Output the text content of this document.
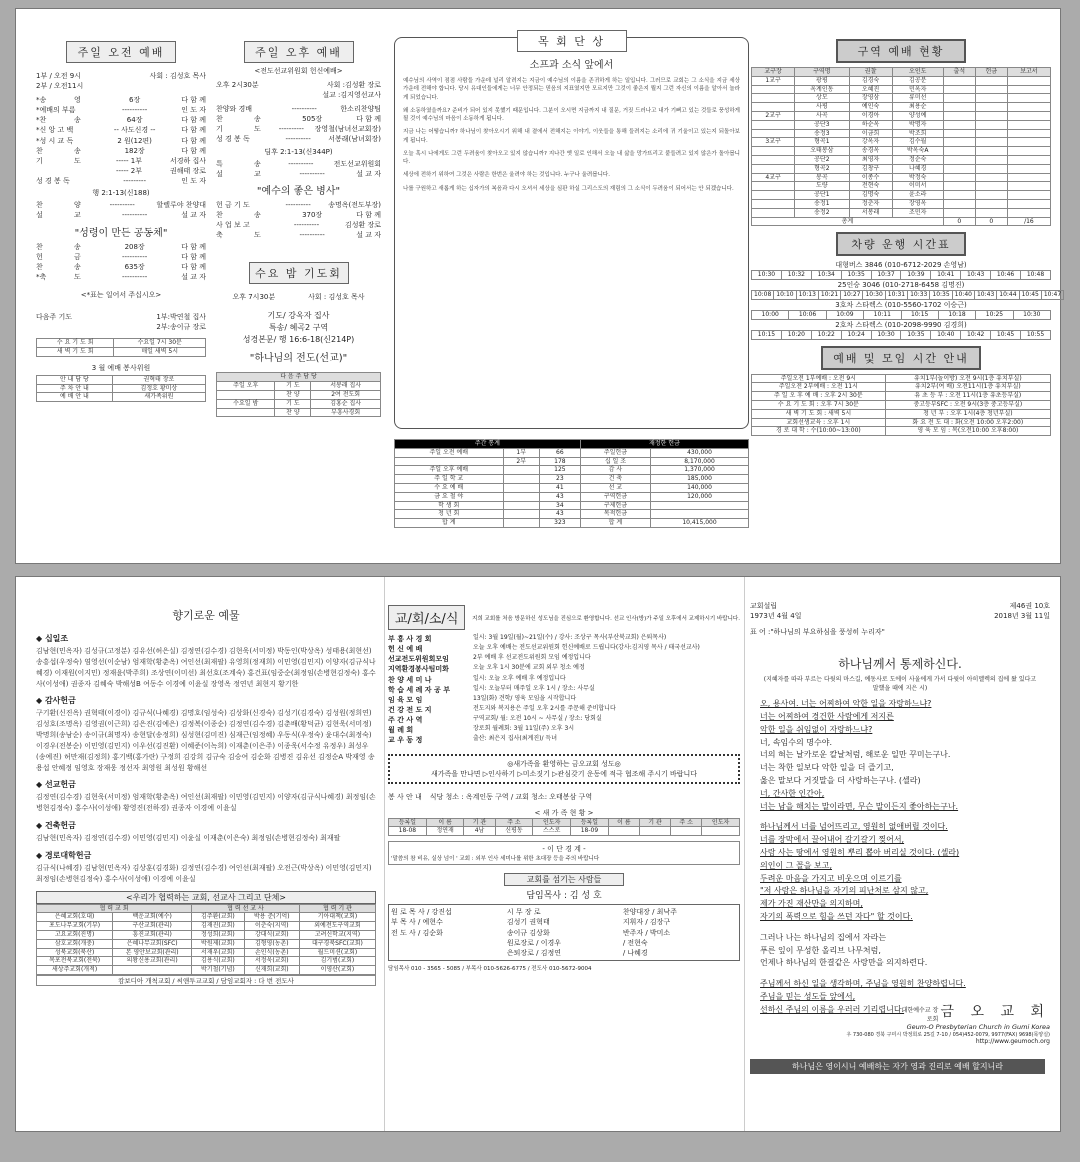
주일 오전 예배
1부 / 오전 9시
2부 / 오전11시
사회 : 김성호 목사
*송	영	6장	다 함 께
*예배의 부름	----------	인 도 자
*찬	송	64장	다 함 께
*신 앙 고 백	-- 사도신경 --	다 함 께
*성 시 교 독	2 원(12편)	다 함 께
찬	송	182장	다 함 께
기	도	----- 1부	서경하 집사
----- 2부	권해태 장로
성 경 봉 독	---------	인 도 자
행 2:1-13(신188)
찬	양	----------	할렐루야 찬양대
설	교	----------	설 교 자
"성령이 만든 공동체"
찬	송	208장	다 함 께
헌	금	----------	다 함 께
찬	송	635장	다 함 께
*축	도	----------	설 교 자
<*표는 일어서 주십시오>
다음주 기도	1부:박연철 집사
2부:송이규 장로
수 요 기 도 회	수요일 7시 30분
새 벽 기 도 회	매일 새벽 5시
3 월 예배 봉사위원
안 내 담 당	권혁태 장로
주 차 안 내	김정호 황미상
예 배 안 내	새가족위원
주일 오후 예배
<전도선교위원회 헌신예배>
오후 2시30분	사회 :김성환 장로
설교 :김지영선교사
찬양와 경배	----------	한소리찬양팀
찬	송	505장	다 함 께
기	도	----------	장영철(남녀선교회장)
성 경 봉 독	----------	서봉래(남녀회장)
딤후 2:1-13(신344P)
특	송	----------	전도선교위원회
설	교	----------	설 교 자
"예수의 좋은 병사"
헌 금 기 도	----------	송명옥(전도부장)
찬	송	370장	다 함 께
사 업 보 고	----------	김성환 장로
축	도	----------	설 교 자
수요 밤 기도회
오후 7시30분	사회 : 김성호 목사
기도/ 강옥자 집사
특송/ 혜곡2 구역
성경본문/ 행 16:6-18(신214P)
"하나님의 전도(선교)"
다 음 주 담 당		
주일 오후	기 도	서봉래 집사
	찬 양	2여 전도회
수요일 밤	기 도	김홍순 집사
	찬 양	부흥사경회
목 회 단 상
소프과 소식 앞에서

예수님의 사역이 점점 사람들 가운데 널리 알려지는 지금이 예수님의 이름을 존귀하게 하는 일입니다. 그러므로 교회는 그 소식을 지금 세상 가운데 전해야 합니다. 당시 유대인들에게는 너무 안정되는 믿음의 지표였지만 모르지만 그것이 좋은지 뭘지 그런 자신의 이름을 알아서 놀라게 되었습니다.

왜 소동하였을까요? 준비가 되어 있지 못했기 때문입니다. 그분이 오시면 지금까지 내 질문, 거짓 드러나고 내가 기뻐고 있는 것들로 풍성하게 될 것이 예수님의 마음이 소동하게 됩니다.

지금 나는 어떻습니까? 하나님이 찾아오시기 위해 내 곁에서 전해지는 이야기, 이웃들을 통해 들려지는 소리에 귀 기울이고 있는지 되돌아보게 됩니다.

오늘 혹시 나에게도 그런 두려움이 찾아오고 있지 않습니까? 지나간 옛 일로 인해서 오늘 내 삶을 망가뜨리고 붙들려고 있지 않은가 돌아봅니다.

세상에 전하기 위하여 그것은 사람은 한번은 울려야 하는 것입니다. 누구나 울려봅니다.

나를 구원하고 새롭게 하는 십자가의 복음과 다시 오셔서 세상을 심판 하실 그리스도의 재림의 그 소식이 두려움이 되어서는 안 되겠습니다.

주간 통계			재정한 헌금	
주일 오전 예배	1부	66	주일헌금	430,000
	2부	178	십 일 조	8,170,000
주일 오후 예배		125	감 사	1,370,000
주 일 학 교		23	건 축	185,000
수 요 예 배		41	선 교	140,000
금 요 철 야		43	구역헌금	120,000
학 생 회		34	구제헌금	
청 년 회		43	목적헌금	
합 계		323	합 계	10,415,000
구역 예배 현황
교구장	구역명	권찰	오인도	출석	헌금	보고서
1교구	광평	김경숙	김공분			
	옥계인동	오혜진	민옥자			
	상모	장영삼	류미선			
	사평	예인숙	최용순			
2교구	사곡	이경아	양성예			
	공단3	하순옥	박명자			
	송정3	이금희	박조희			
3교구	형곡1	강옥자	김수월			
	오태봉삼	송경옥	박옥숙A			
	공단2	최영자	정순숙			
	형곡2	김창구	나혜경			
4교구	봉곡	이종수	박정숙			
	도량	전현숙	이미서			
	공단1	김명숙	윤소라			
	송정1	정춘자	장영옥			
	송정2	서봉래	조민자			
총계				0	0	/16
차량 운행 시간표
대형버스 3846 (010-6712-2029 손영남)
10:30	10:32	10:34	10:35	10:37	10:39	10:41	10:43	10:46	10:48
25인승 3046 (010-2718-6458 김명진)
10:08	10:10	10:13	10:21	10:27	10:30	10:31	10:33	10:35	10:40	10:43	10:44	10:45	10:47
3호차 스타렉스 (010-5560-1702 이승근)
10:00	10:06	10:09	10:11	10:15	10:18	10:25	10:30
2호차 스타렉스 (010-2098-9990 김경희)
10:15	10:20	10:22	10:24	10:30	10:35	10:40	10:42	10:45	10:55
예배 및 모임 시간 안내
주일오전 1부예배 : 오전 9시	유치1부(놀이방) 오전 9시(1층 유치부실)
주일오전 2부예배 : 오전 11시	유치2부(여 배) 오전11시(1층 유치부실)
주 일 오 후 예 배 : 오후 2시 30분	유 초 등 부 : 오전 11시(1층 유초등부실)
수 요 기 도 회 : 오후 7시 30분	중고등부SFC : 오전 9시(3층 중고등부실)
새 벽 기 도 회 : 새벽 5시	청 년 부 : 오후 1시(4층 청년부실)
교회선생교육 : 오후 1시	화 요 전 도 대 : 화(오전 10:00 오후2:00)
경 로 대 학 : 수(10:00~13:00)	영 육 모 임 : 목(오전10:00 오후8:00)
향기로운 예물
◆ 십일조
김남현(민옥자) 김성규(고정분) 김유선(허은실) 김정연(김수경) 김현욱(서미정) 박동인(박상옥) 성태용(최현선) 송흥섭(우정숙) 염영선(이순남) 엄재학(황춘옥) 여인선(최재팔) 유영희(정재희) 이민영(김민지) 이양자(김규식나혜경) 이재원(이지민) 정재윤(박주희) 조상연(이미선) 최선호(조계숙) 홍건표(임중순(최정임(손병현김정숙) 홍수사(이성애) 권종자 김혜숙 박해성B 여동수 이경예 이윤실 장영옥 정연년 최현지 황기한
◆ 감사헌금
구기환(신진옥) 권혁태(이경이) 김규식(나혜경) 김명호(임성숙) 김상화(신경숙) 김성기(김경숙) 김성원(정희연) 김성호(조명옥) 김영권(이근희) 김은진(김예은) 김정복(이종순) 김정연(김수경) 김춘배(황덕균) 김현욱(서미정) 박명희(송남순) 송이규(최명자) 송현달(송정희) 심성현(김미진) 심재근(임정혜) 우동식(우정숙) 윤대수(최정숙) 이경우(전봉순) 이민영(김민지) 이우선(김진환) 이혜준(이녹희) 이재춘(이은주) 이종욱(서수정 유정우) 최성우(송예진) 허만재(김정희) 홍기백(홍가란) 구정희 김강희 김규숙 김승여 김순화 김병진 김유선 김정순A 박재영 송용섭 안혜정 임영호 장재웅 정선자 최영원 최성원 황해선
◆ 선교헌금
김정연(김수경) 김현욱(서미정) 엄재학(황춘옥) 여인선(최재팔) 이민영(김민지) 이양자(김규식나혜경) 최정임(손병현김정숙) 홍수사(이성애) 황영진(전하경) 권종자 이경예 이윤실
◆ 건축헌금
김남현(민옥자) 김정연(김수경) 이민영(김민지) 이윤실 이재춘(이은숙) 최정임(손병현김정숙) 최재팔
◆ 경로대학헌금
김규식(나혜경) 김남현(민옥자) 김상훈(김경화) 김정연(김수경) 여인선(최재팔) 오전근(박상옥) 이민영(김민지) 최정임(손병현김정숙) 홍수사(이성애) 이경예 이윤실
<우리가 협력하는 교회, 선교사 그리고 단체>
협 력 교 회		협 력 선 교 사		협 력 기 관
은혜교회(호대)	백운교회(예수)	김주환(교회)	박용 준(기억)	기아대책(교회)
포도나무교회(기부)	구산교회(관리)	김재진(교회)	이춘숙(지역)	외예전도구역교회
고요교회(진명)	흥진교회(관리)	정성희(교회)	강대식(교회)	고려신학교(지역)
삼호교회(개중)	은혜나무교회(SFC)	박원제(교회)	김형영(농촌)	대구경북SFC(교회)
성북교회(북산)	본 영안보교회(관리)	서재우(교회)	손인식(농촌)	월드미션(교회)
목포전북교회(전북)	의왕신용교회(관리)	김용식(교회)	서정욱(교회)	김기범(교회)
새상주교회(개적)		박기철(기념)	신재희(교회)	이영산(교회)
캄보디아 개척교회 / 씨앤투교교회 / 담임교회자 : 다 번 전도사
교/회/소/식	지희 교회를 처음 방문하신 성도님을 진심으로 환영합니다. 선교 인사(방)가 주일 오후에서 교제하시기 바랍니다.
부 흥 사 경 회	일시: 3월 19일(월)~21일(수) / 강사: 조상구 목사(부산북교회) 은퇴목사)
헌 신 예 배	오늘 오후 예배는 전도선교위원회 헌신예배로 드립니다(강사:김지영 목사 / 태국선교사)
선교전도위원회모임	2부 예배 후 선교전도위원회 모임 예정입니다
지역환경봉사팀미화	오늘 오후 1시 30분에 교회 외부 청소 예정
찬 양 세 미 나	일시: 오늘 오후 예배 후 예정입니다
학 습 세 례 자 공 부	일시: 오늘부터 매주일 오후 1시 / 장소: 사무실
임 육 모 임	13일(화) 견학/ 영육 모임을 시작합니다
건 강 전 도 지	전도지와 복지용은 주일 오후 2시를 주문해 준비합니다
주 간 사 역	구역교회/ 월: 오전 10시 ~ 사무실 / 장소: 당회실
월 례 회	장로회 월례회: 3월 11일(주) 오후 3시
교 우 동 정	출산: 최은지 집사(최계진)/ 득녀
◎새가족을 환영하는 금오교회 성도◎
새가족을 만나면 ▷인사하기 ▷미소짓기 ▷관심갖기 운동에 적극 협조해 주시기 바랍니다
봉 사 안 내 식당 청소 : 옥계인동 구역 / 교회 청소: 오태봉삼 구역
< 새 가 족 현 황 >
등록일	이 름	기 관	주 소	인도자	등록일	이 름	기 관	주 소	인도자
18-08	정연재	4남	신평동	스스로	18-09				
- 이 단 경 계 -
'말씀의 참 비유, 실상 넘이 ' 교회 : 외부 인사 세미나를 위한 초대장 등을 주의 바랍니다
교회를 섬기는 사람들
담임목사 : 김 성 호
원 로 목 사 / 강진섭	시 무 장 로	찬양대장 / 최낙주
부 목 사 / 예현수	김성기 권혁태	지휘자 / 김장구
전 도 사 / 김순화	송이규 김상화	반주자 / 박미소
원로장로 / 이경우	/ 전현숙
은퇴장로 / 김정연	/ 나혜경
담임목사 010 - 3565 - 5085 / 부목사 010-5626-6775 / 전도사 010-5672-9004
교회설립	제46권 10호
1973년 4월 4일	2018년 3월 11일
표 어 :"하나님의 부요하심을 풍성히 누리자"
하나님께서 통제하신다.
(지혜자를 따라 부르는 다윗의 마스길, 예동사로 도에이 사울에게 가서 다윗이 아히멜렉의 집에 왔 있다고 말했을 때에 지은 시)
오, 용사여. 너는 어찌하여 악한 일을 자랑하느냐?
너는 어찌하여 경건한 사람에게 저지른
악한 일을 쉬임없이 자랑하느냐?
너, 속임수의 명수야.
너의 혀는 날카로운 칼날처럼, 해로운 일만 꾸미는구나.
너는 착한 일보다 악한 일을 더 즐기고,
옳은 말보다 거짓말을 더 사랑하는구나. (셀라)
너, 간사한 인간아,
너는 남을 해치는 말이라면, 무슨 말이든지 좋아하는구나.
하나님께서 너를 넘어뜨리고, 영원히 없애버릴 것이다.
너를 장막에서 끌어내어 갈기갈기 찢어서,
사람 사는 땅에서 영원히 뿌리 뽑아 버리실 것이다. (셀라)
의인이 그 꼴을 보고,
두려운 마음을 가지고 비웃으며 이르기를
"저 사람은 하나님을 자기의 피난처로 삼지 않고,
제가 가진 재산만을 의지하며,
자기의 폭력으로 힘을 쓰던 자다" 할 것이다.
그러나 나는 하나님의 집에서 자라는
푸른 잎이 무성한 올리브 나무처럼,
언제나 하나님의 한결같은 사랑만을 의지하련다.
주님께서 하신 일을 생각하며, 주님을 영원히 찬양하렵니다.
주님을 믿는 성도들 앞에서,
선하신 주님의 이름을 우러러 기리렵니다.
대한예수교 장로회 금 오 교 회
Geum-O Presbyterian Church in Gumi Korea
우 730-080 경북 구미시 박정희로 25길 7-10 / 054)452-0079, 9977(FAX) 9698(목양실)
http://www.geumoch.org
하나님은 영이시니 예배하는 자가 영과 진리로 예배 할지니라
